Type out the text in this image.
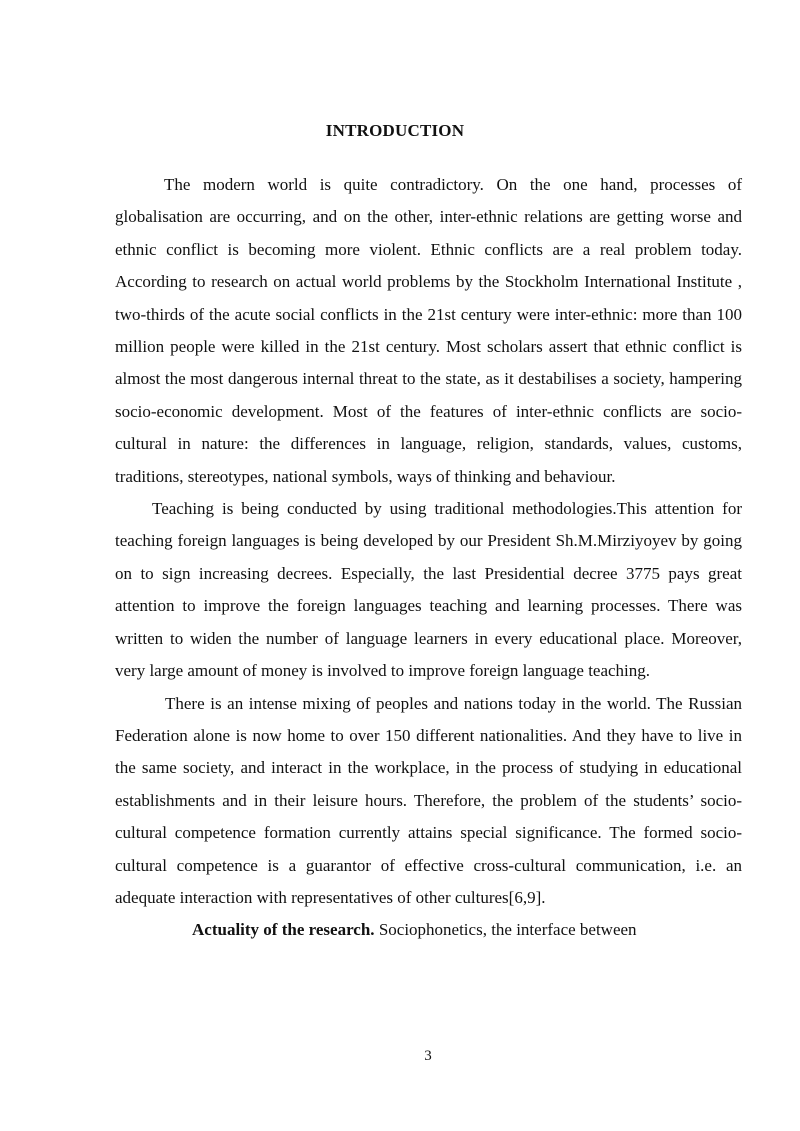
INTRODUCTION

The modern world is quite contradictory. On the one hand, processes of globalisation are occurring, and on the other, inter-ethnic relations are getting worse and ethnic conflict is becoming more violent. Ethnic conflicts are a real problem today. According to research on actual world problems by the Stockholm International Institute , two-thirds of the acute social conflicts in the 21st century were inter-ethnic: more than 100 million people were killed in the 21st century. Most scholars assert that ethnic conflict is almost the most dangerous internal threat to the state, as it destabilises a society, hampering socio-economic development. Most of the features of inter-ethnic conflicts are socio-cultural in nature: the differences in language, religion, standards, values, customs, traditions, stereotypes, national symbols, ways of thinking and behaviour.

Teaching is being conducted by using traditional methodologies.This attention for teaching foreign languages is being developed by our President Sh.M.Mirziyoyev by going on to sign increasing decrees. Especially, the last Presidential decree 3775 pays great attention to improve the foreign languages teaching and learning processes. There was written to widen the number of language learners in every educational place. Moreover, very large amount of money is involved to improve foreign language teaching.

There is an intense mixing of peoples and nations today in the world. The Russian Federation alone is now home to over 150 different nationalities. And they have to live in the same society, and interact in the workplace, in the process of studying in educational establishments and in their leisure hours. Therefore, the problem of the students’ socio-cultural competence formation currently attains special significance. The formed socio-cultural competence is a guarantor of effective cross-cultural communication, i.e. an adequate interaction with representatives of other cultures[6,9].

Actuality of the research. Sociophonetics, the interface between

3
